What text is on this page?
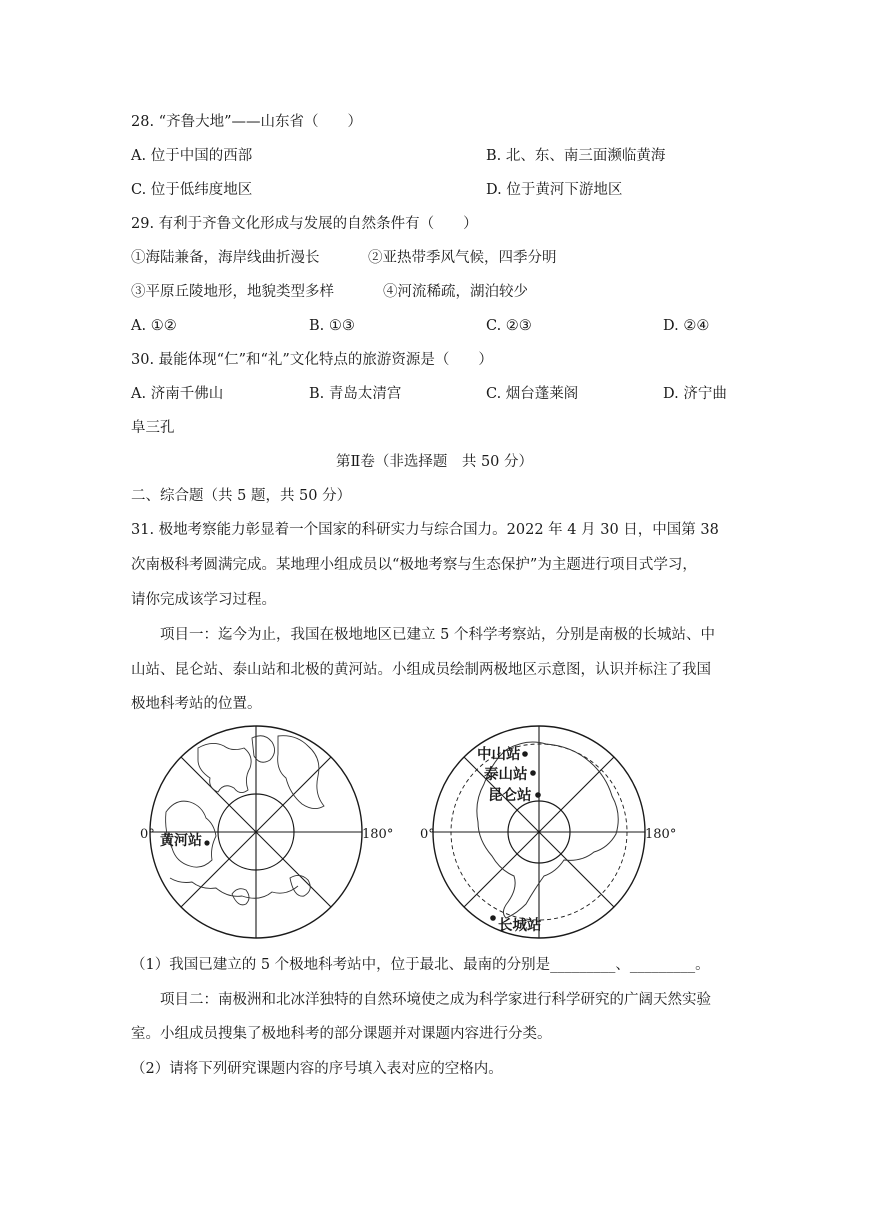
28. “齐鲁大地”——山东省（　　）
A. 位于中国的西部	B. 北、东、南三面濒临黄海
C. 位于低纬度地区	D. 位于黄河下游地区
29. 有利于齐鲁文化形成与发展的自然条件有（　　）
①海陆兼备，海岸线曲折漫长	②亚热带季风气候，四季分明
③平原丘陵地形，地貌类型多样	④河流稀疏，湖泊较少
A. ①②	B. ①③	C. ②③	D. ②④
30. 最能体现“仁”和“礼”文化特点的旅游资源是（　　）
A. 济南千佛山	B. 青岛太清宫	C. 烟台蓬莱阁	D. 济宁曲
阜三孔
第Ⅱ卷（非选择题　共 50 分）
二、综合题（共 5 题，共 50 分）
31. 极地考察能力彰显着一个国家的科研实力与综合国力。2022 年 4 月 30 日，中国第 38
次南极科考圆满完成。某地理小组成员以“极地考察与生态保护”为主题进行项目式学习，
请你完成该学习过程。
项目一：迄今为止，我国在极地地区已建立 5 个科学考察站，分别是南极的长城站、中
山站、昆仑站、泰山站和北极的黄河站。小组成员绘制两极地区示意图，认识并标注了我国
极地科考站的位置。
0°	180°
黄河站	0°	180°
中山站
泰山站
昆仑站
长城站
（1）我国已建立的 5 个极地科考站中，位于最北、最南的分别是_________、_________。
项目二：南极洲和北冰洋独特的自然环境使之成为科学家进行科学研究的广阔天然实验
室。小组成员搜集了极地科考的部分课题并对课题内容进行分类。
（2）请将下列研究课题内容的序号填入表对应的空格内。
